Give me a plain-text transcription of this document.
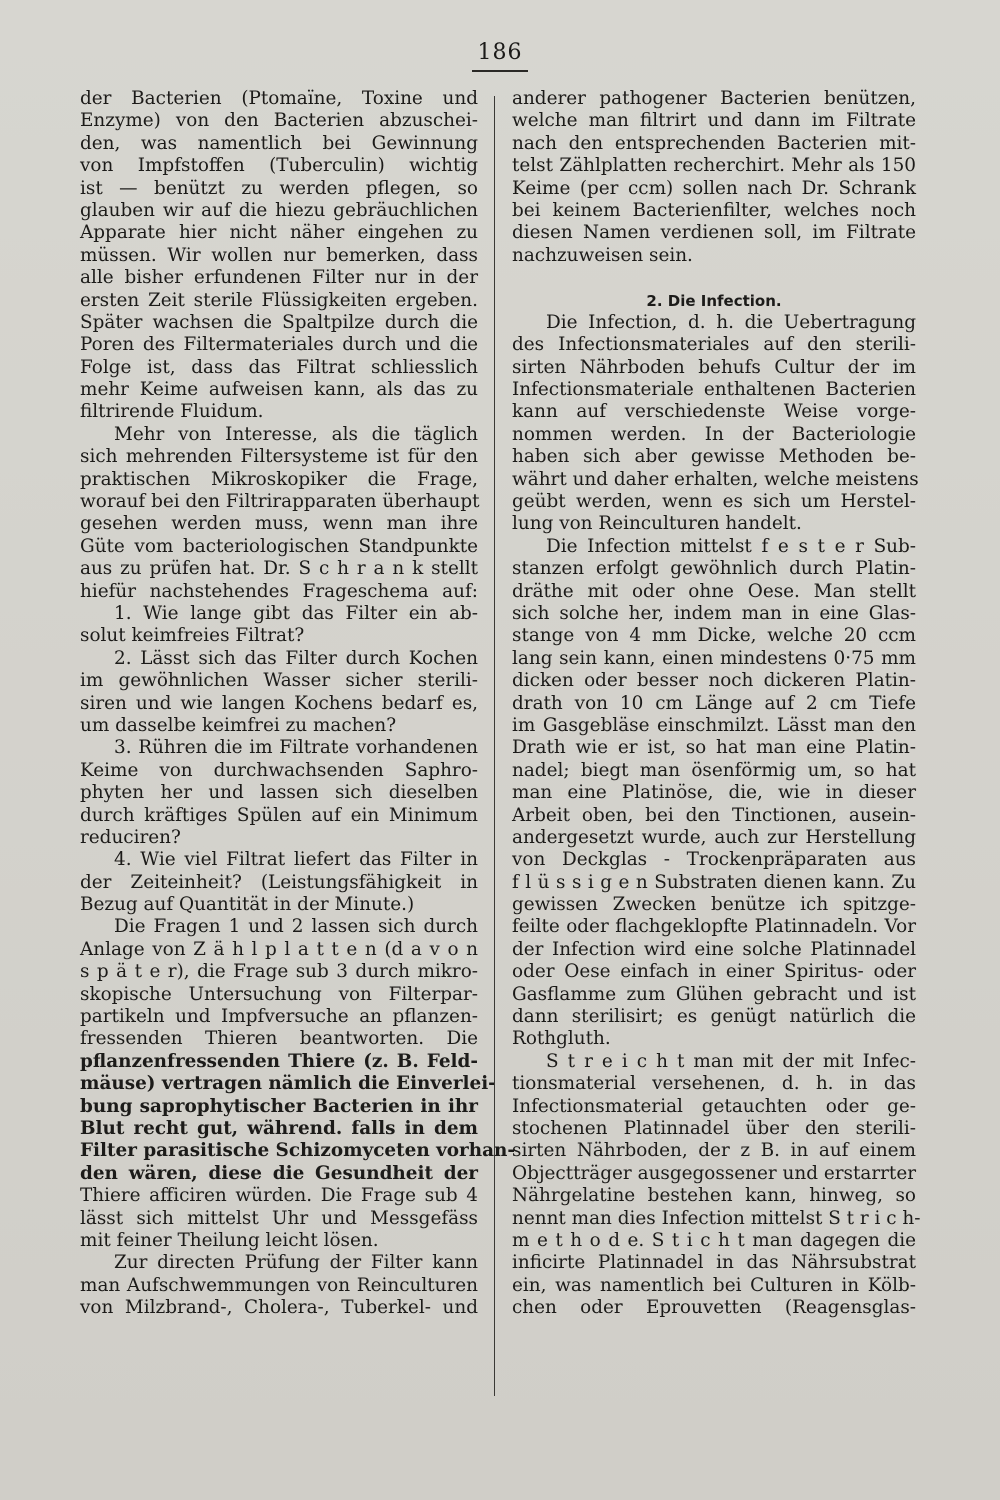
186
der Bacterien (Ptomaïne, Toxine und
Enzyme) von den Bacterien abzuschei-
den, was namentlich bei Gewinnung
von Impfstoffen (Tuberculin) wichtig
ist — benützt zu werden pflegen, so
glauben wir auf die hiezu gebräuchlichen
Apparate hier nicht näher eingehen zu
müssen. Wir wollen nur bemerken, dass
alle bisher erfundenen Filter nur in der
ersten Zeit sterile Flüssigkeiten ergeben.
Später wachsen die Spaltpilze durch die
Poren des Filtermateriales durch und die
Folge ist, dass das Filtrat schliesslich
mehr Keime aufweisen kann, als das zu
filtrirende Fluidum.
Mehr von Interesse, als die täglich
sich mehrenden Filtersysteme ist für den
praktischen Mikroskopiker die Frage,
worauf bei den Filtrirapparaten überhaupt
gesehen werden muss, wenn man ihre
Güte vom bacteriologischen Standpunkte
aus zu prüfen hat. Dr. S c h r a n k stellt
hiefür nachstehendes Frageschema auf:
1. Wie lange gibt das Filter ein ab-
solut keimfreies Filtrat?
2. Lässt sich das Filter durch Kochen
im gewöhnlichen Wasser sicher sterili-
siren und wie langen Kochens bedarf es,
um dasselbe keimfrei zu machen?
3. Rühren die im Filtrate vorhandenen
Keime von durchwachsenden Saphro-
phyten her und lassen sich dieselben
durch kräftiges Spülen auf ein Minimum
reduciren?
4. Wie viel Filtrat liefert das Filter in
der Zeiteinheit? (Leistungsfähigkeit in
Bezug auf Quantität in der Minute.)
Die Fragen 1 und 2 lassen sich durch
Anlage von Z ä h l p l a t t e n (d a v o n
s p ä t e r), die Frage sub 3 durch mikro-
skopische Untersuchung von Filterpar-
partikeln und Impfversuche an pflanzen-
fressenden Thieren beantworten. Die
pflanzenfressenden Thiere (z. B. Feld-
mäuse) vertragen nämlich die Einverlei-
bung saprophytischer Bacterien in ihr
Blut recht gut, während. falls in dem
Filter parasitische Schizomyceten vorhan-
den wären, diese die Gesundheit der
Thiere afficiren würden. Die Frage sub 4
lässt sich mittelst Uhr und Messgefäss
mit feiner Theilung leicht lösen.
Zur directen Prüfung der Filter kann
man Aufschwemmungen von Reinculturen
von Milzbrand-, Cholera-, Tuberkel- und
anderer pathogener Bacterien benützen,
welche man filtrirt und dann im Filtrate
nach den entsprechenden Bacterien mit-
telst Zählplatten recherchirt. Mehr als 150
Keime (per ccm) sollen nach Dr. Schrank
bei keinem Bacterienfilter, welches noch
diesen Namen verdienen soll, im Filtrate
nachzuweisen sein.
2. Die Infection.
Die Infection, d. h. die Uebertragung
des Infectionsmateriales auf den sterili-
sirten Nährboden behufs Cultur der im
Infectionsmateriale enthaltenen Bacterien
kann auf verschiedenste Weise vorge-
nommen werden. In der Bacteriologie
haben sich aber gewisse Methoden be-
währt und daher erhalten, welche meistens
geübt werden, wenn es sich um Herstel-
lung von Reinculturen handelt.
Die Infection mittelst f e s t e r Sub-
stanzen erfolgt gewöhnlich durch Platin-
dräthe mit oder ohne Oese. Man stellt
sich solche her, indem man in eine Glas-
stange von 4 mm Dicke, welche 20 ccm
lang sein kann, einen mindestens 0·75 mm
dicken oder besser noch dickeren Platin-
drath von 10 cm Länge auf 2 cm Tiefe
im Gasgebläse einschmilzt. Lässt man den
Drath wie er ist, so hat man eine Platin-
nadel; biegt man ösenförmig um, so hat
man eine Platinöse, die, wie in dieser
Arbeit oben, bei den Tinctionen, ausein-
andergesetzt wurde, auch zur Herstellung
von Deckglas - Trockenpräparaten aus
f l ü s s i g e n Substraten dienen kann. Zu
gewissen Zwecken benütze ich spitzge-
feilte oder flachgeklopfte Platinnadeln. Vor
der Infection wird eine solche Platinnadel
oder Oese einfach in einer Spiritus- oder
Gasflamme zum Glühen gebracht und ist
dann sterilisirt; es genügt natürlich die
Rothgluth.
S t r e i c h t man mit der mit Infec-
tionsmaterial versehenen, d. h. in das
Infectionsmaterial getauchten oder ge-
stochenen Platinnadel über den sterili-
sirten Nährboden, der z B. in auf einem
Objectträger ausgegossener und erstarrter
Nährgelatine bestehen kann, hinweg, so
nennt man dies Infection mittelst S t r i c h-
m e t h o d e. S t i c h t man dagegen die
inficirte Platinnadel in das Nährsubstrat
ein, was namentlich bei Culturen in Kölb-
chen oder Eprouvetten (Reagensglas-
